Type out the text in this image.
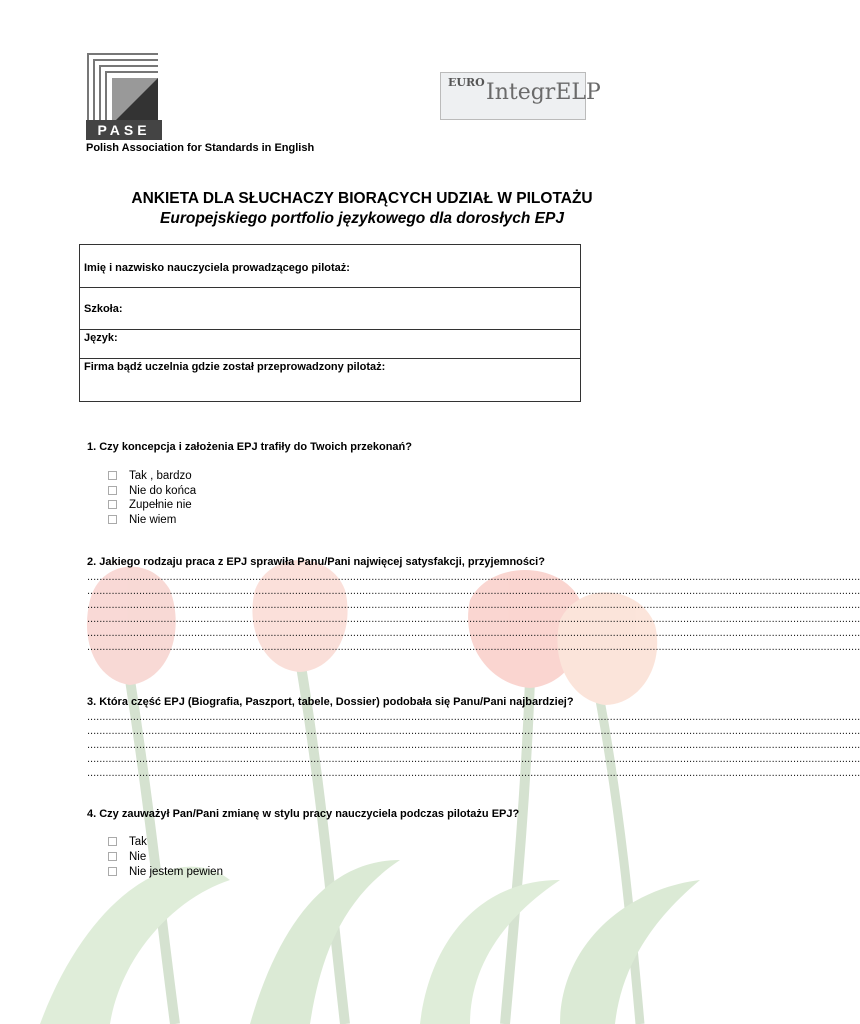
PASE
Polish Association for Standards in English
EURO IntegrELP
ANKIETA DLA SŁUCHACZY BIORĄCYCH UDZIAŁ W PILOTAŻU
Europejskiego portfolio językowego dla dorosłych EPJ
Imię i nazwisko nauczyciela prowadzącego pilotaż:
Szkoła:
Język:
Firma bądź uczelnia gdzie został przeprowadzony pilotaż:
1. Czy koncepcja i założenia EPJ trafiły do Twoich przekonań?
Tak , bardzo
Nie do końca
Zupełnie nie
Nie wiem
2. Jakiego rodzaju praca z EPJ sprawiła Panu/Pani najwięcej satysfakcji, przyjemności?
.............................................................................................................................................................................................................................................................
.............................................................................................................................................................................................................................................................
.............................................................................................................................................................................................................................................................
.............................................................................................................................................................................................................................................................
.............................................................................................................................................................................................................................................................
.............................................................................................................................................................................................................................................................
3. Która część EPJ (Biografia, Paszport, tabele, Dossier) podobała się Panu/Pani najbardziej?
.............................................................................................................................................................................................................................................................
.............................................................................................................................................................................................................................................................
.............................................................................................................................................................................................................................................................
.............................................................................................................................................................................................................................................................
.............................................................................................................................................................................................................................................................
4. Czy zauważył Pan/Pani zmianę w stylu pracy nauczyciela podczas pilotażu EPJ?
Tak
Nie
Nie jestem pewien
